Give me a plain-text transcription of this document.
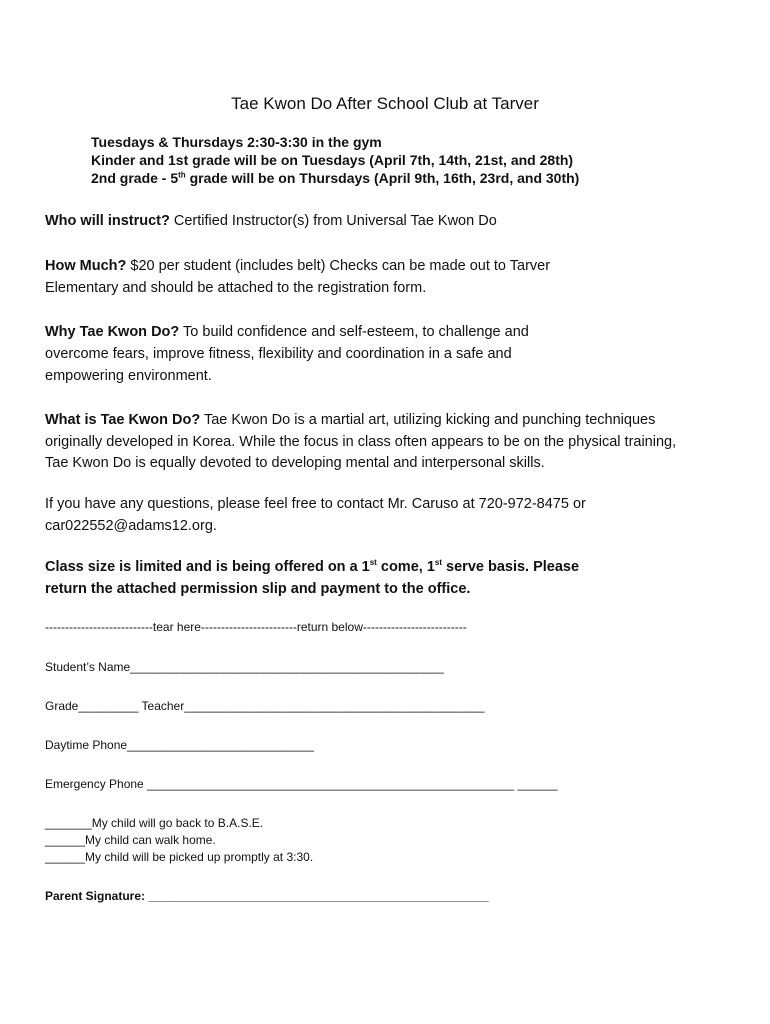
Tae Kwon Do After School Club at Tarver

Tuesdays & Thursdays 2:30-3:30 in the gym

Kinder and 1st grade will be on Tuesdays (April 7th, 14th, 21st, and 28th)

2nd grade - 5th grade will be on Thursdays (April 9th, 16th, 23rd, and 30th)

Who will instruct? Certified Instructor(s) from Universal Tae Kwon Do

How Much? $20 per student (includes belt) Checks can be made out to Tarver

Elementary and should be attached to the registration form.

Why Tae Kwon Do? To build confidence and self-esteem, to challenge and

overcome fears, improve fitness, flexibility and coordination in a safe and

empowering environment.

What is Tae Kwon Do? Tae Kwon Do is a martial art, utilizing kicking and punching techniques

originally developed in Korea. While the focus in class often appears to be on the physical training,

Tae Kwon Do is equally devoted to developing mental and interpersonal skills.

If you have any questions, please feel free to contact Mr. Caruso at 720-972-8475 or

car022552@adams12.org.

Class size is limited and is being offered on a 1st come, 1st serve basis. Please

return the attached permission slip and payment to the office.

---------------------------tear here------------------------return below--------------------------

Student’s Name_______________________________________________

Grade_________ Teacher_____________________________________________

Daytime Phone____________________________

Emergency Phone _______________________________________________________ ______

_______My child will go back to B.A.S.E.

______My child can walk home.

______My child will be picked up promptly at 3:30.

Parent Signature: ___________________________________________________
